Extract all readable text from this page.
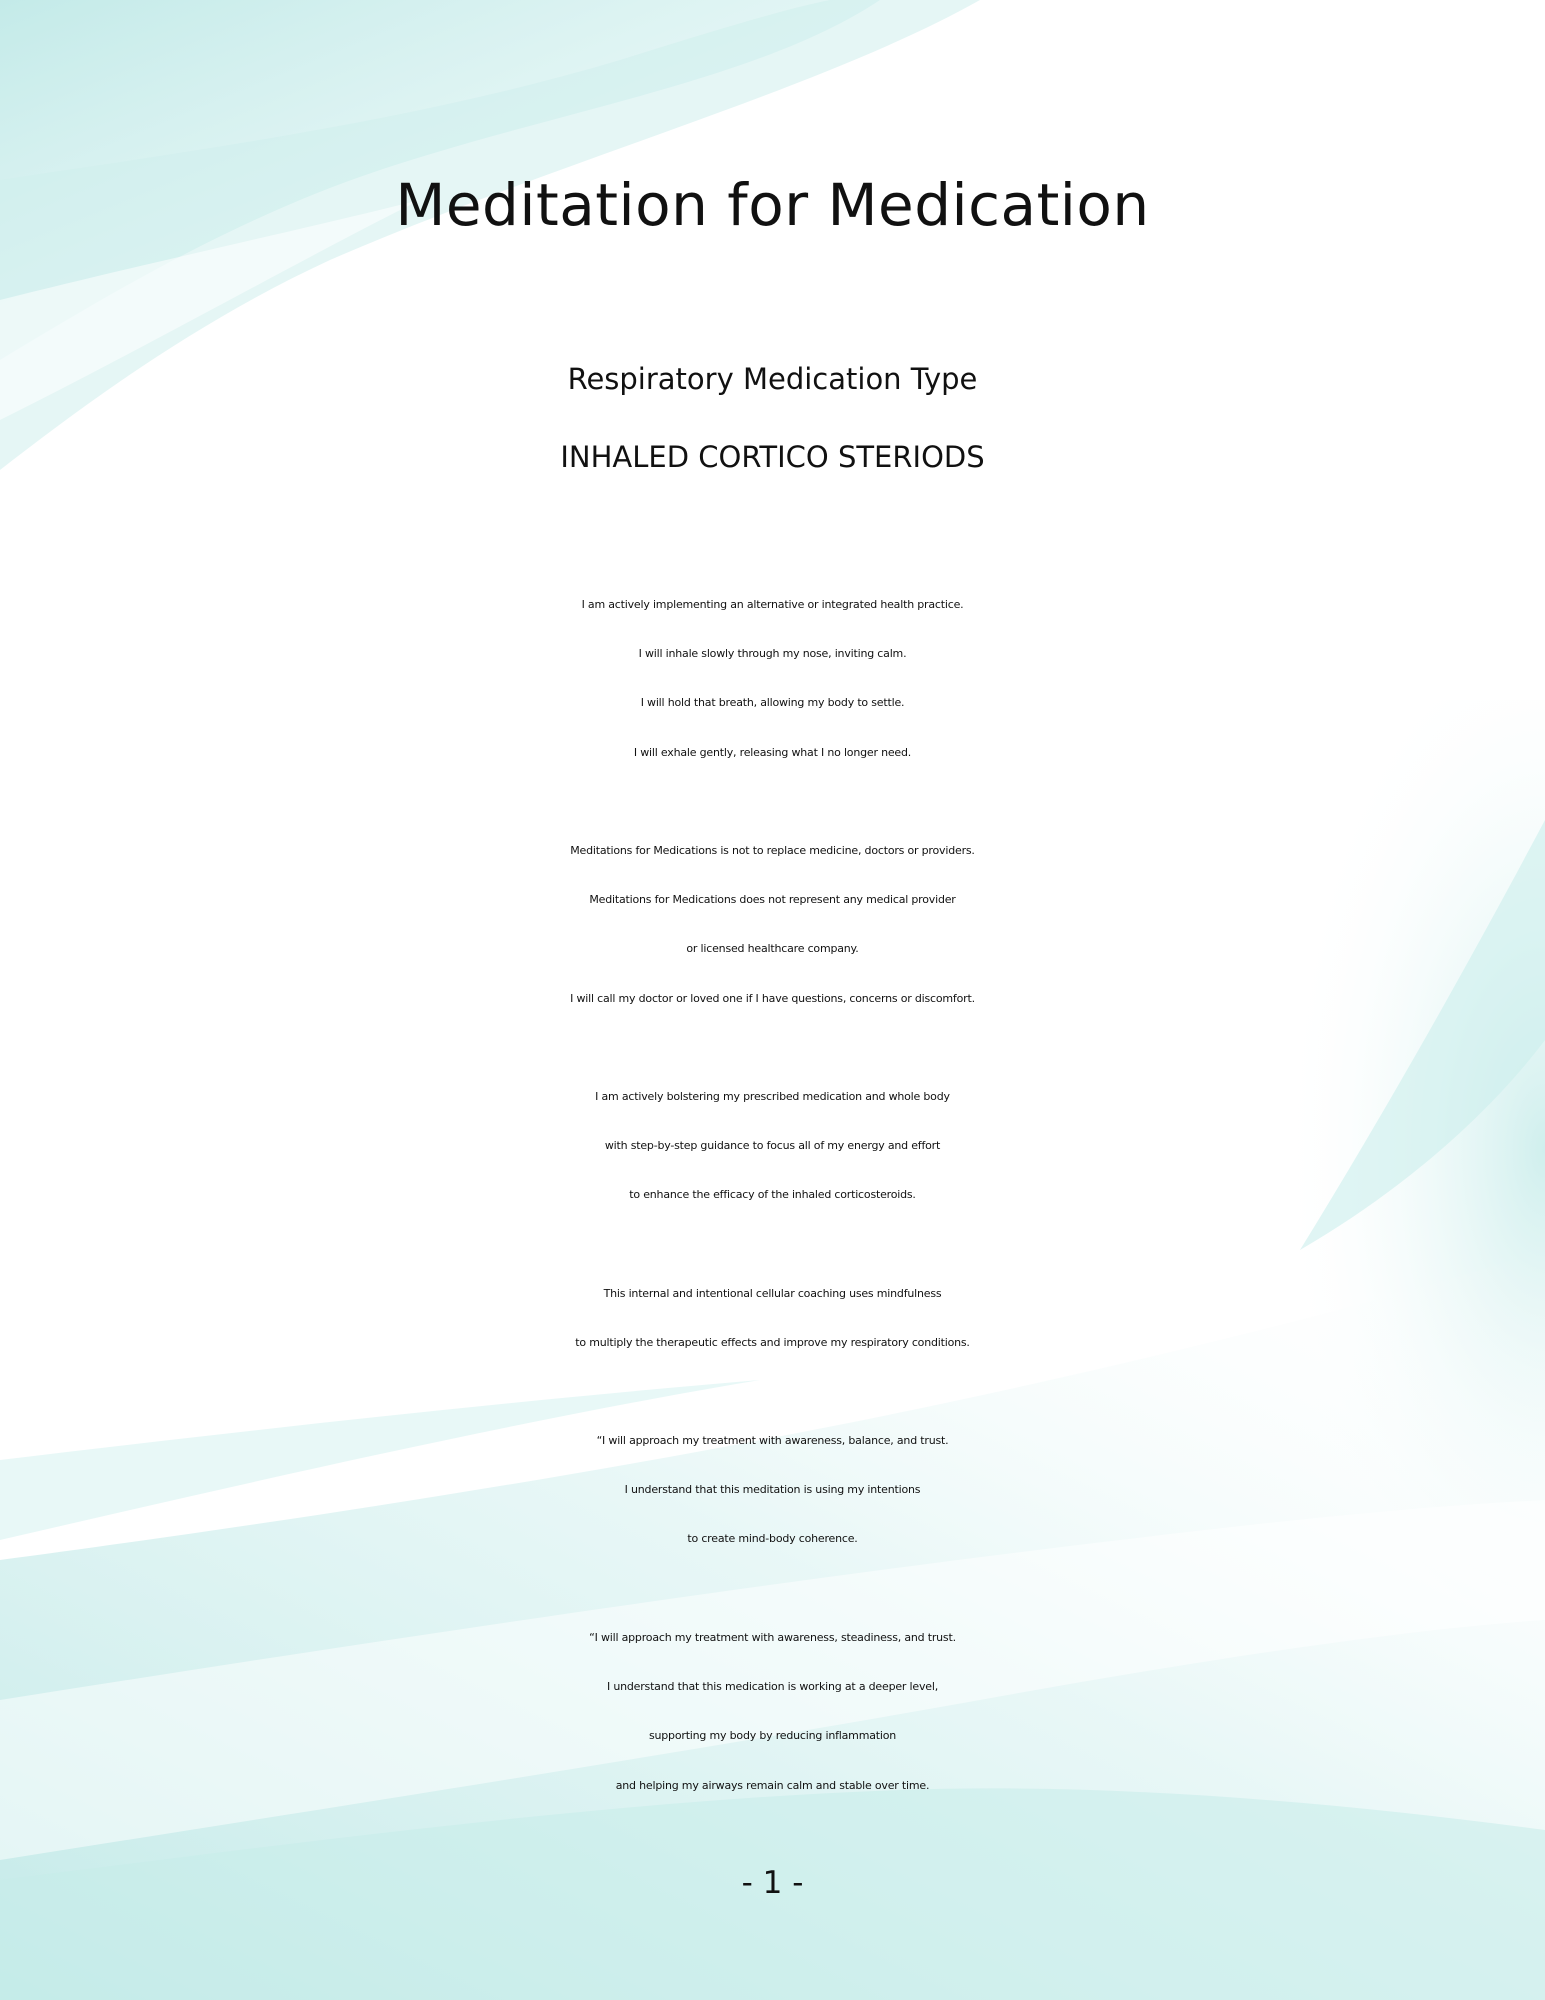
Meditation for Medication
Respiratory Medication Type
INHALED CORTICO STERIODS
I am actively implementing an alternative or integrated health practice.
I will inhale slowly through my nose, inviting calm.
I will hold that breath, allowing my body to settle.
I will exhale gently, releasing what I no longer need.
Meditations for Medications is not to replace medicine, doctors or providers.
Meditations for Medications does not represent any medical provider
or licensed healthcare company.
I will call my doctor or loved one if I have questions, concerns or discomfort.
I am actively bolstering my prescribed medication and whole body
with step-by-step guidance to focus all of my energy and effort
to enhance the efficacy of the inhaled corticosteroids.
This internal and intentional cellular coaching uses mindfulness
to multiply the therapeutic effects and improve my respiratory conditions.
“I will approach my treatment with awareness, balance, and trust.
I understand that this meditation is using my intentions
to create mind-body coherence.
“I will approach my treatment with awareness, steadiness, and trust.
I understand that this medication is working at a deeper level,
supporting my body by reducing inflammation
and helping my airways remain calm and stable over time.
- 1 -
